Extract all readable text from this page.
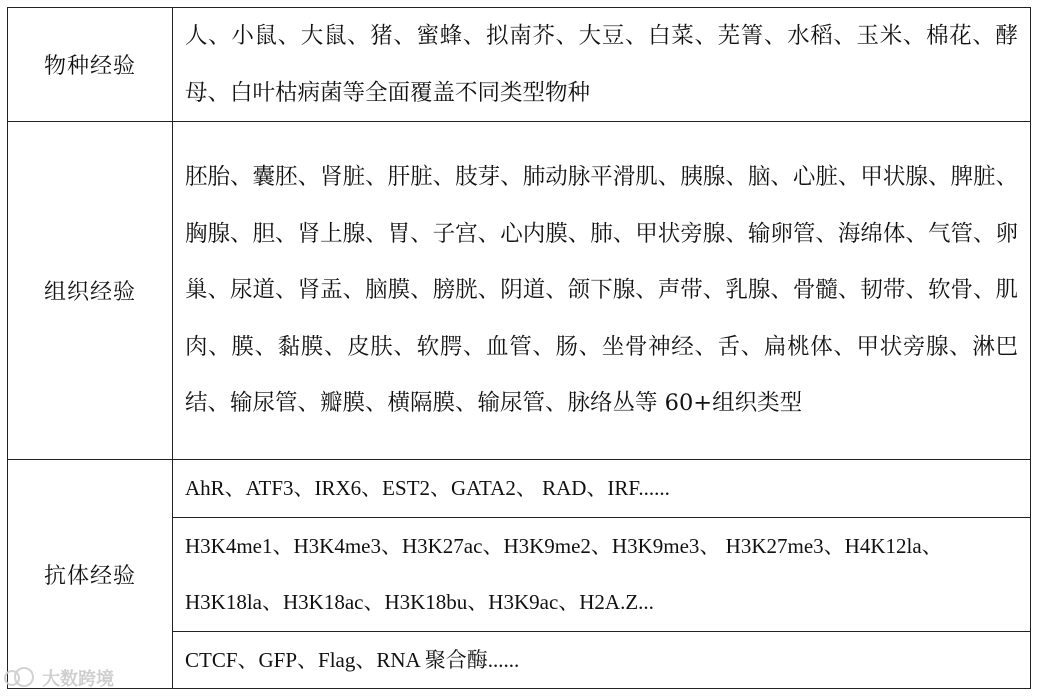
物种经验	人、小鼠、大鼠、猪、蜜蜂、拟南芥、大豆、白菜、芜箐、水稻、玉米、棉花、酵母、白叶枯病菌等全面覆盖不同类型物种
组织经验	胚胎、囊胚、肾脏、肝脏、肢芽、肺动脉平滑肌、胰腺、脑、心脏、甲状腺、脾脏、胸腺、胆、肾上腺、胃、子宫、心内膜、肺、甲状旁腺、输卵管、海绵体、气管、卵巢、尿道、肾盂、脑膜、膀胱、阴道、颌下腺、声带、乳腺、骨髓、韧带、软骨、肌肉、膜、黏膜、皮肤、软腭、血管、肠、坐骨神经、舌、扁桃体、甲状旁腺、淋巴结、输尿管、瓣膜、横隔膜、输尿管、脉络丛等 60+组织类型
抗体经验	AhR、ATF3、IRX6、EST2、GATA2、 RAD、IRF......
	H3K4me1、H3K4me3、H3K27ac、H3K9me2、H3K9me3、 H3K27me3、H4K12la、H3K18la、H3K18ac、H3K18bu、H3K9ac、H2A.Z...
	CTCF、GFP、Flag、RNA 聚合酶......
大数跨境
